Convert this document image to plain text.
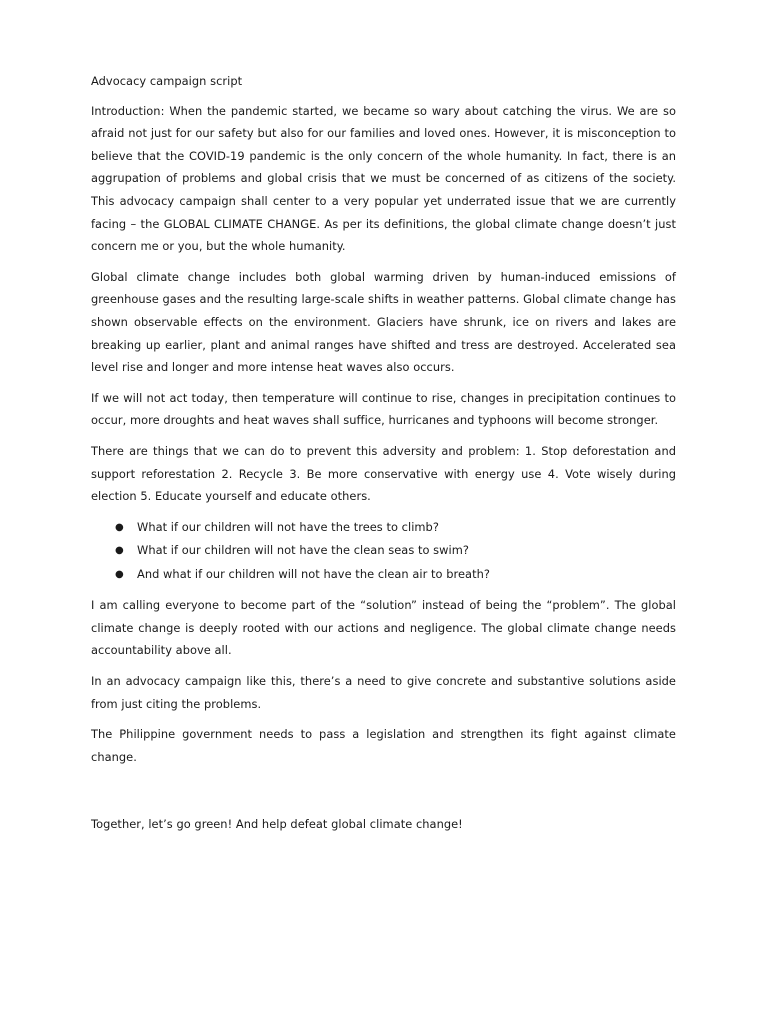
Advocacy campaign script

Introduction: When the pandemic started, we became so wary about catching the virus. We are so afraid not just for our safety but also for our families and loved ones. However, it is misconception to believe that the COVID-19 pandemic is the only concern of the whole humanity. In fact, there is an aggrupation of problems and global crisis that we must be concerned of as citizens of the society. This advocacy campaign shall center to a very popular yet underrated issue that we are currently facing – the GLOBAL CLIMATE CHANGE. As per its definitions, the global climate change doesn’t just concern me or you, but the whole humanity.

Global climate change includes both global warming driven by human-induced emissions of greenhouse gases and the resulting large-scale shifts in weather patterns. Global climate change has shown observable effects on the environment. Glaciers have shrunk, ice on rivers and lakes are breaking up earlier, plant and animal ranges have shifted and tress are destroyed. Accelerated sea level rise and longer and more intense heat waves also occurs.

If we will not act today, then temperature will continue to rise, changes in precipitation continues to occur, more droughts and heat waves shall suffice, hurricanes and typhoons will become stronger.

There are things that we can do to prevent this adversity and problem: 1. Stop deforestation and support reforestation 2. Recycle 3. Be more conservative with energy use 4. Vote wisely during election 5. Educate yourself and educate others.

● What if our children will not have the trees to climb?
● What if our children will not have the clean seas to swim?
● And what if our children will not have the clean air to breath?

I am calling everyone to become part of the “solution” instead of being the “problem”. The global climate change is deeply rooted with our actions and negligence. The global climate change needs accountability above all.

In an advocacy campaign like this, there’s a need to give concrete and substantive solutions aside from just citing the problems.

The Philippine government needs to pass a legislation and strengthen its fight against climate change.

Together, let’s go green! And help defeat global climate change!
